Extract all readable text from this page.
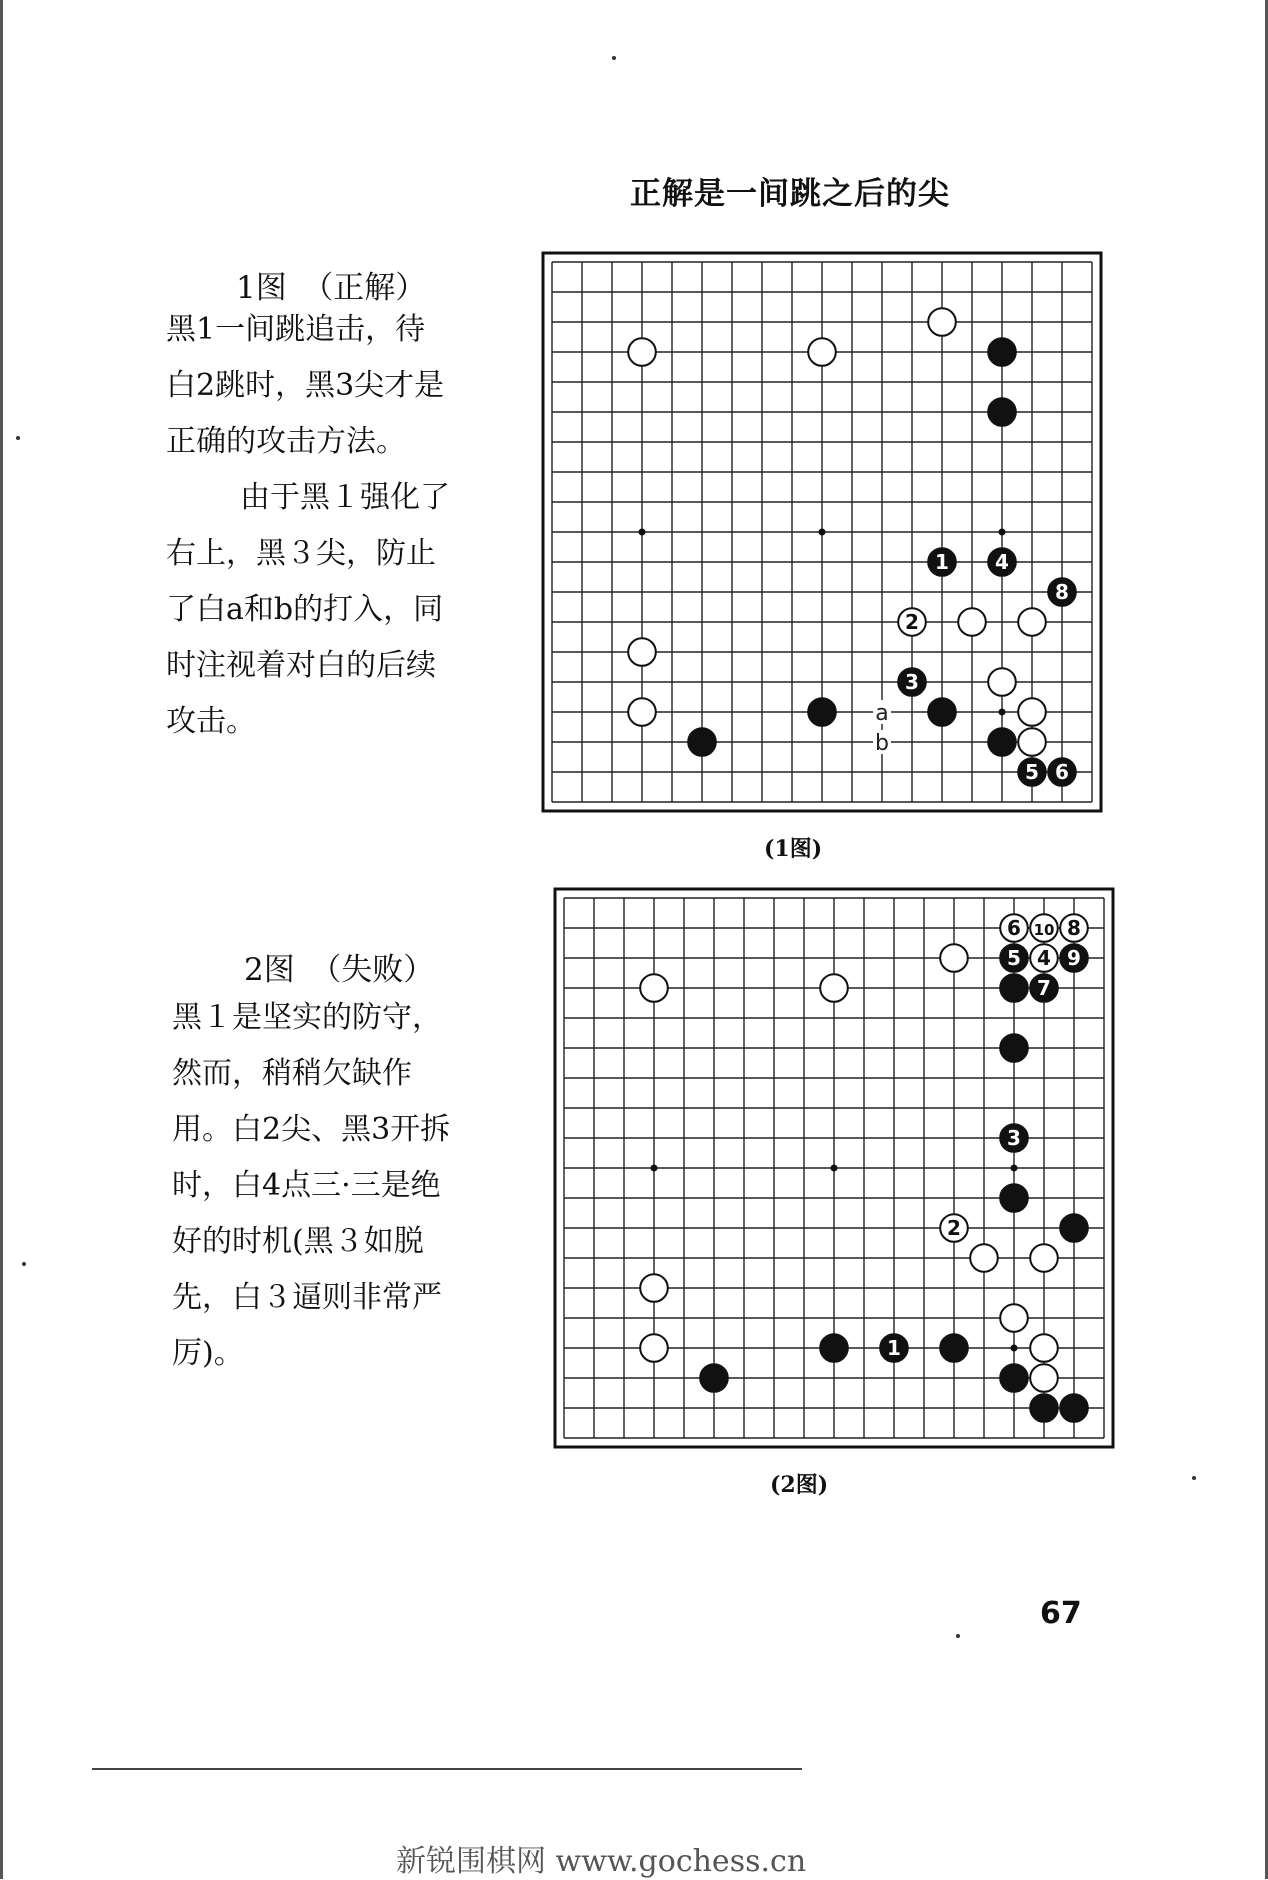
正解是一间跳之后的尖
1图　（正解）

黑1一间跳追击，待

白2跳时，黑3尖才是

正确的攻击方法。

由于黑１强化了

右上，黑３尖，防止

了白a和b的打入，同

时注视着对白的后续

攻击。

1 4
8
2
3
5 6
a
b
(1图)
2图　（失败）

黑１是坚实的防守，

然而，稍稍欠缺作

用。白2尖、黑3开拆

时，白4点三·三是绝

好的时机(黑３如脱

先，白３逼则非常严

厉)。

6 10 8
5 4 9
7
3
2
1
(2图)
67
新锐围棋网 www.gochess.cn
